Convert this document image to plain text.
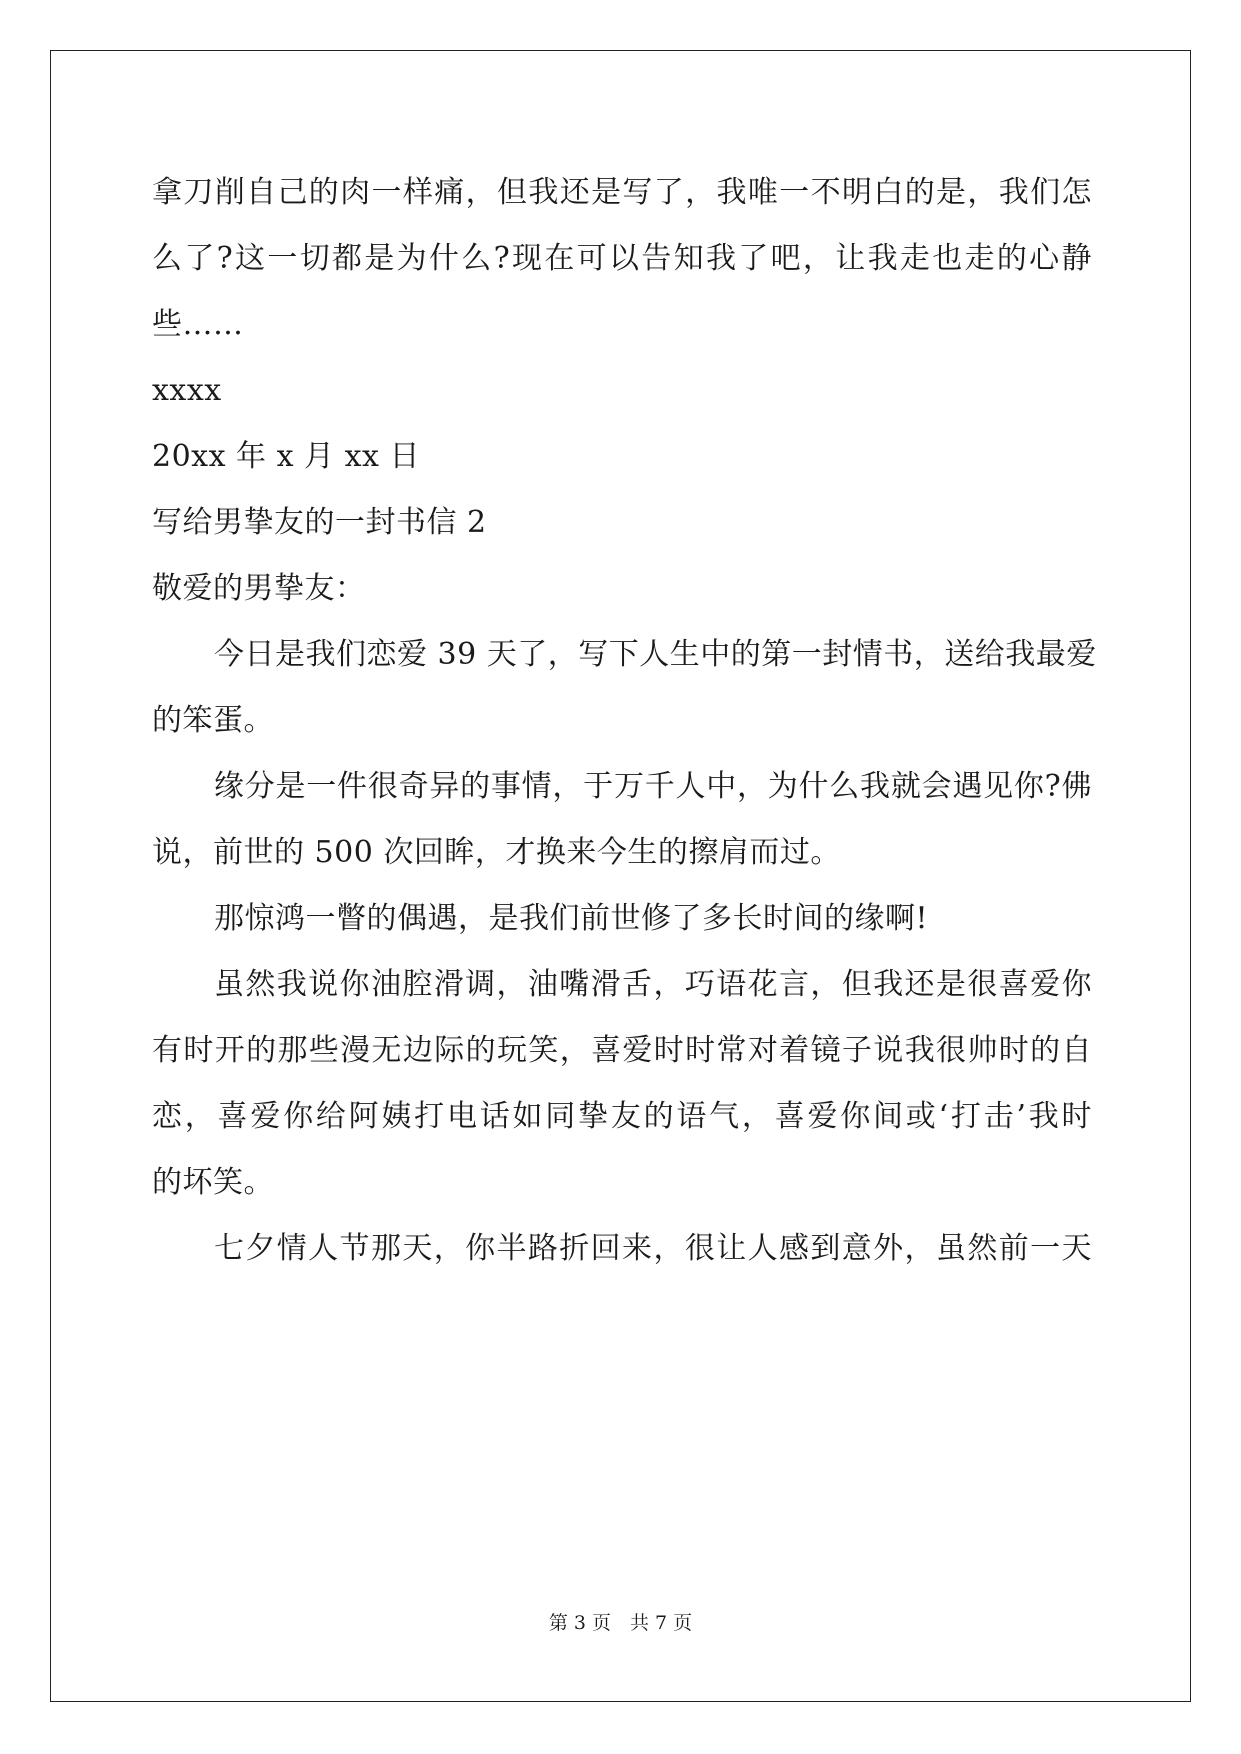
拿刀削自己的肉一样痛，但我还是写了，我唯一不明白的是，我们怎
么了?这一切都是为什么?现在可以告知我了吧，让我走也走的心静
些……
xxxx
20xx 年 x 月 xx 日
写给男挚友的一封书信 2
敬爱的男挚友：
今日是我们恋爱 39 天了，写下人生中的第一封情书，送给我最爱
的笨蛋。
缘分是一件很奇异的事情，于万千人中，为什么我就会遇见你?佛
说，前世的 500 次回眸，才换来今生的擦肩而过。
那惊鸿一瞥的偶遇，是我们前世修了多长时间的缘啊!
虽然我说你油腔滑调，油嘴滑舌，巧语花言，但我还是很喜爱你
有时开的那些漫无边际的玩笑，喜爱时时常对着镜子说我很帅时的自
恋，喜爱你给阿姨打电话如同挚友的语气，喜爱你间或‘打击’我时
的坏笑。
七夕情人节那天，你半路折回来，很让人感到意外，虽然前一天
第 3 页　共 7 页
